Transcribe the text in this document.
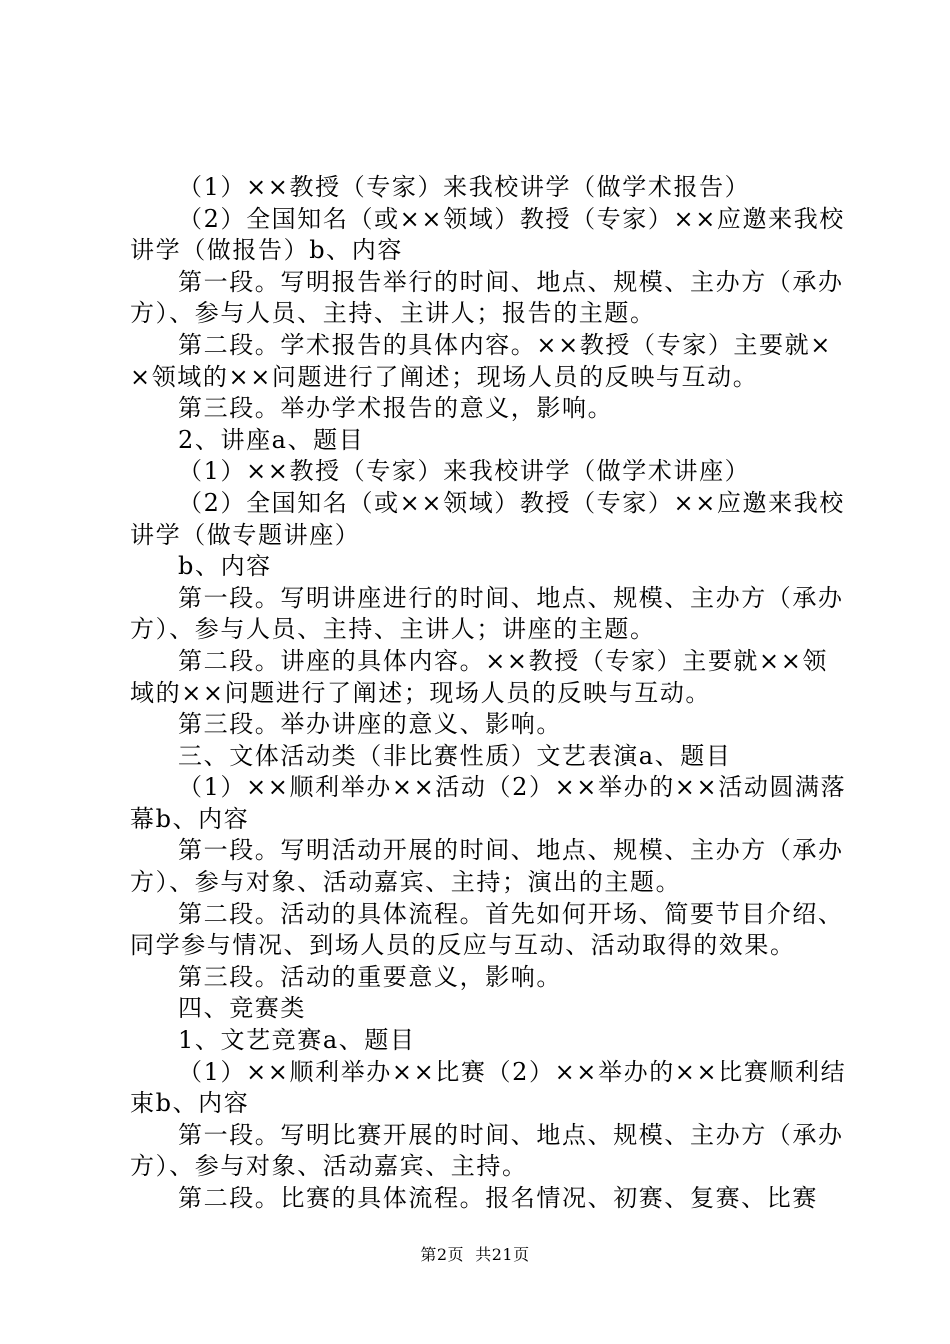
（1）××教授（专家）来我校讲学（做学术报告）

（2）全国知名（或××领域）教授（专家）××应邀来我校讲学（做报告）b、内容

第一段。写明报告举行的时间、地点、规模、主办方（承办方）、参与人员、主持、主讲人；报告的主题。

第二段。学术报告的具体内容。××教授（专家）主要就××领域的××问题进行了阐述；现场人员的反映与互动。

第三段。举办学术报告的意义，影响。

2、讲座a、题目

（1）××教授（专家）来我校讲学（做学术讲座）

（2）全国知名（或××领域）教授（专家）××应邀来我校讲学（做专题讲座）

b、内容

第一段。写明讲座进行的时间、地点、规模、主办方（承办方）、参与人员、主持、主讲人；讲座的主题。

第二段。讲座的具体内容。××教授（专家）主要就××领域的××问题进行了阐述；现场人员的反映与互动。

第三段。举办讲座的意义、影响。

三、文体活动类（非比赛性质）文艺表演a、题目

（1）××顺利举办××活动（2）××举办的××活动圆满落幕b、内容

第一段。写明活动开展的时间、地点、规模、主办方（承办方）、参与对象、活动嘉宾、主持；演出的主题。

第二段。活动的具体流程。首先如何开场、简要节目介绍、同学参与情况、到场人员的反应与互动、活动取得的效果。

第三段。活动的重要意义，影响。

四、竞赛类

1、文艺竞赛a、题目

（1）××顺利举办××比赛（2）××举办的××比赛顺利结束b、内容

第一段。写明比赛开展的时间、地点、规模、主办方（承办方）、参与对象、活动嘉宾、主持。

第二段。比赛的具体流程。报名情况、初赛、复赛、比赛

第2页 共21页
